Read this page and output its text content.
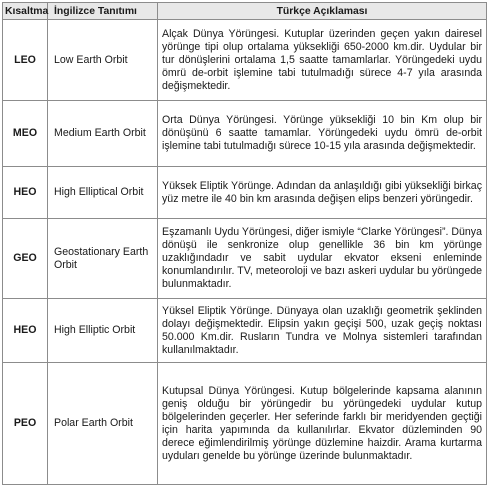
Kısaltma	İngilizce Tanıtımı	Türkçe Açıklaması
LEO	Low Earth Orbit	Alçak Dünya Yörüngesi. Kutuplar üzerinden geçen yakın dairesel yörünge tipi olup ortalama yüksekliği 650-2000 km.dir. Uydular bir tur dönüşlerini ortalama 1,5 saatte tamamlarlar. Yörüngedeki uydu ömrü de-orbit işlemine tabi tutulmadığı sürece 4-7 yıla arasında değişmektedir.
MEO	Medium Earth Orbit	Orta Dünya Yörüngesi. Yörünge yüksekliği 10 bin Km olup bir dönüşünü 6 saatte tamamlar. Yörüngedeki uydu ömrü de-orbit işlemine tabi tutulmadığı sürece 10-15 yıla arasında değişmektedir.
HEO	High Elliptical Orbit	Yüksek Eliptik Yörünge. Adından da anlaşıldığı gibi yüksekliği birkaç yüz metre ile 40 bin km arasında değişen elips benzeri yörüngedir.
GEO	Geostationary Earth Orbit	Eşzamanlı Uydu Yörüngesi, diğer ismiyle “Clarke Yörüngesi”. Dünya dönüşü ile senkronize olup genellikle 36 bin km yörünge uzaklığındadır ve sabit uydular ekvator ekseni enleminde konumlandırılır. TV, meteoroloji ve bazı askeri uydular bu yörüngede bulunmaktadır.
HEO	High Elliptic Orbit	Yüksel Eliptik Yörünge. Dünyaya olan uzaklığı geometrik şeklinden dolayı değişmektedir. Elipsin yakın geçişi 500, uzak geçiş noktası 50.000 Km.dir. Rusların Tundra ve Molnya sistemleri tarafından kullanılmaktadır.
PEO	Polar Earth Orbit	Kutupsal Dünya Yörüngesi. Kutup bölgelerinde kapsama alanının geniş olduğu bir yörüngedir bu yörüngedeki uydular kutup bölgelerinden geçerler. Her seferinde farklı bir meridyenden geçtiği için harita yapımında da kullanılırlar. Ekvator düzleminden 90 derece eğimlendirilmiş yörünge düzlemine haizdir. Arama kurtarma uyduları genelde bu yörünge üzerinde bulunmaktadır.
